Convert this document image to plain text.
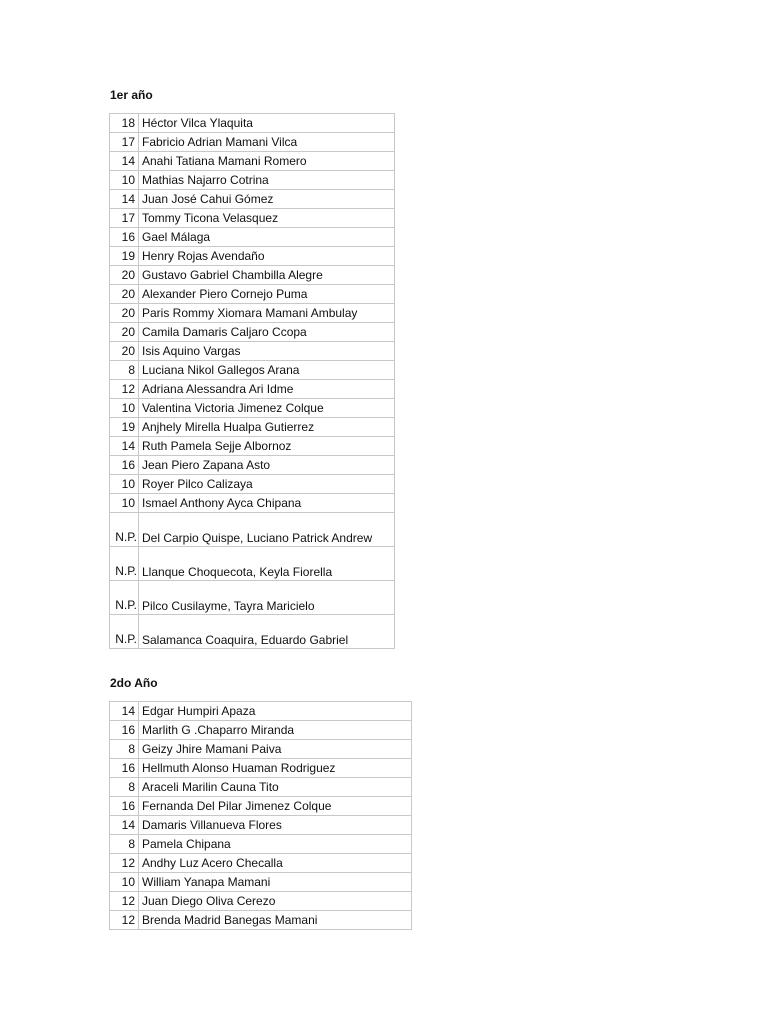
1er año
18	Héctor Vilca Ylaquita
17	Fabricio Adrian Mamani Vilca
14	Anahi Tatiana Mamani Romero
10	Mathias Najarro Cotrina
14	Juan José Cahui Gómez
17	Tommy Ticona Velasquez
16	Gael Málaga
19	Henry Rojas Avendaño
20	Gustavo Gabriel Chambilla Alegre
20	Alexander Piero Cornejo Puma
20	Paris Rommy Xiomara Mamani Ambulay
20	Camila Damaris Caljaro Ccopa
20	Isis Aquino Vargas
8	Luciana Nikol Gallegos Arana
12	Adriana Alessandra Ari Idme
10	Valentina Victoria Jimenez Colque
19	Anjhely Mirella Hualpa Gutierrez
14	Ruth Pamela Sejje Albornoz
16	Jean Piero Zapana Asto
10	Royer Pilco Calizaya
10	Ismael Anthony Ayca Chipana
N.P.	Del Carpio Quispe, Luciano Patrick Andrew
N.P.	Llanque Choquecota, Keyla Fiorella
N.P.	Pilco Cusilayme, Tayra Maricielo
N.P.	Salamanca Coaquira, Eduardo Gabriel
2do Año
14	Edgar Humpiri Apaza
16	Marlith G .Chaparro Miranda
8	Geizy Jhire Mamani Paiva
16	Hellmuth Alonso Huaman Rodriguez
8	Araceli Marilin Cauna Tito
16	Fernanda Del Pilar Jimenez Colque
14	Damaris Villanueva Flores
8	Pamela Chipana
12	Andhy Luz Acero Checalla
10	William Yanapa Mamani
12	Juan Diego Oliva Cerezo
12	Brenda Madrid Banegas Mamani
